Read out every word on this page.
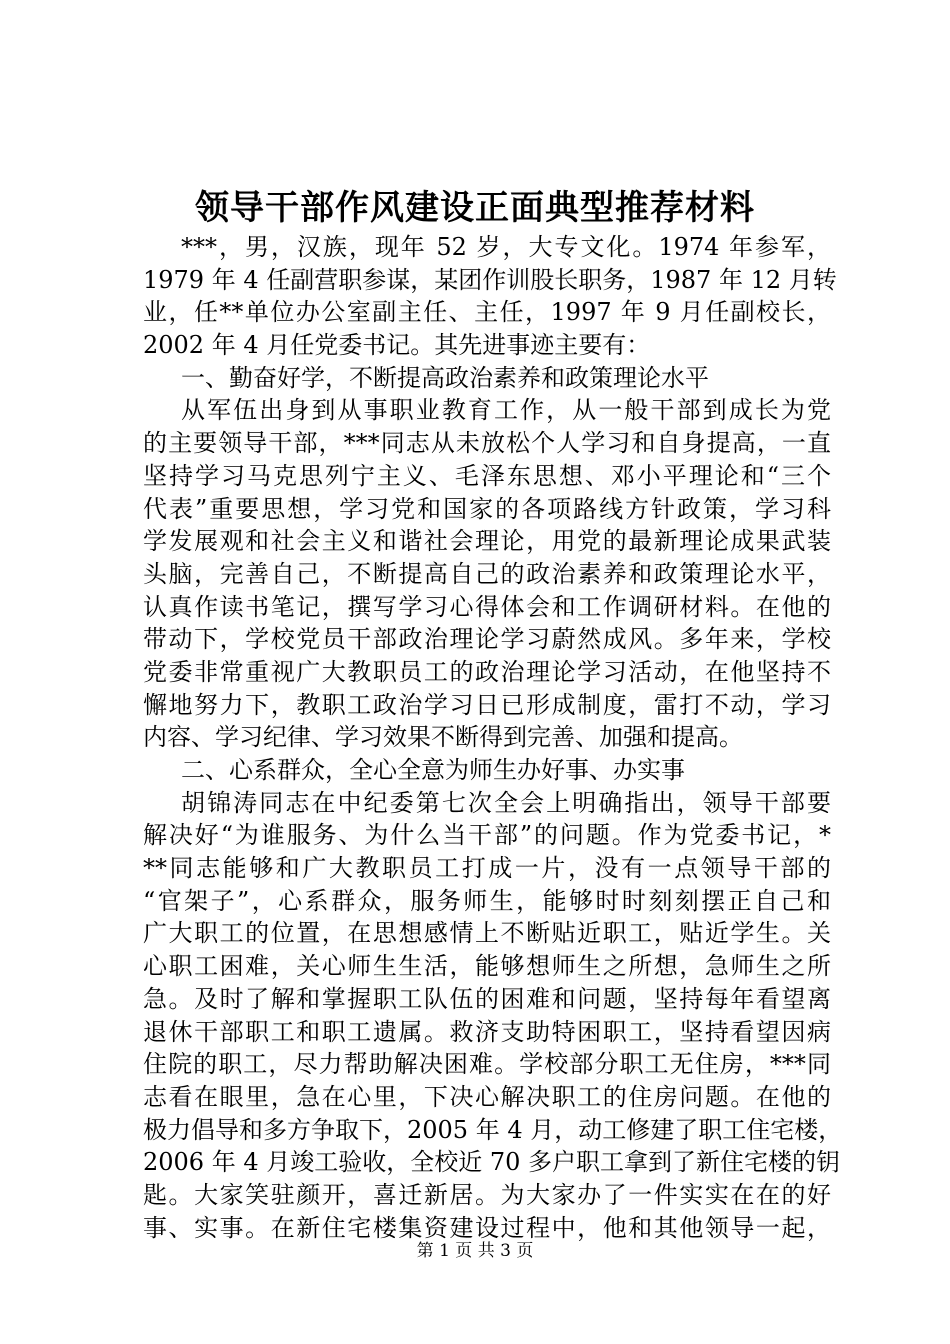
领导干部作风建设正面典型推荐材料
***，男，汉族，现年 52 岁，大专文化。1974 年参军，
1979 年 4 任副营职参谋，某团作训股长职务，1987 年 12 月转
业，任**单位办公室副主任、主任，1997 年 9 月任副校长，
2002 年 4 月任党委书记。其先进事迹主要有：
一、勤奋好学，不断提高政治素养和政策理论水平
从军伍出身到从事职业教育工作，从一般干部到成长为党
的主要领导干部，***同志从未放松个人学习和自身提高，一直
坚持学习马克思列宁主义、毛泽东思想、邓小平理论和“三个
代表”重要思想，学习党和国家的各项路线方针政策，学习科
学发展观和社会主义和谐社会理论，用党的最新理论成果武装
头脑，完善自己，不断提高自己的政治素养和政策理论水平，
认真作读书笔记，撰写学习心得体会和工作调研材料。在他的
带动下，学校党员干部政治理论学习蔚然成风。多年来，学校
党委非常重视广大教职员工的政治理论学习活动，在他坚持不
懈地努力下，教职工政治学习日已形成制度，雷打不动，学习
内容、学习纪律、学习效果不断得到完善、加强和提高。
二、心系群众，全心全意为师生办好事、办实事
胡锦涛同志在中纪委第七次全会上明确指出，领导干部要
解决好“为谁服务、为什么当干部”的问题。作为党委书记，*
**同志能够和广大教职员工打成一片，没有一点领导干部的
“官架子”，心系群众，服务师生，能够时时刻刻摆正自己和
广大职工的位置，在思想感情上不断贴近职工，贴近学生。关
心职工困难，关心师生生活，能够想师生之所想，急师生之所
急。及时了解和掌握职工队伍的困难和问题，坚持每年看望离
退休干部职工和职工遗属。救济支助特困职工，坚持看望因病
住院的职工，尽力帮助解决困难。学校部分职工无住房，***同
志看在眼里，急在心里，下决心解决职工的住房问题。在他的
极力倡导和多方争取下，2005 年 4 月，动工修建了职工住宅楼，
2006 年 4 月竣工验收，全校近 70 多户职工拿到了新住宅楼的钥
匙。大家笑驻颜开，喜迁新居。为大家办了一件实实在在的好
事、实事。在新住宅楼集资建设过程中，他和其他领导一起，
第 1 页 共 3 页
